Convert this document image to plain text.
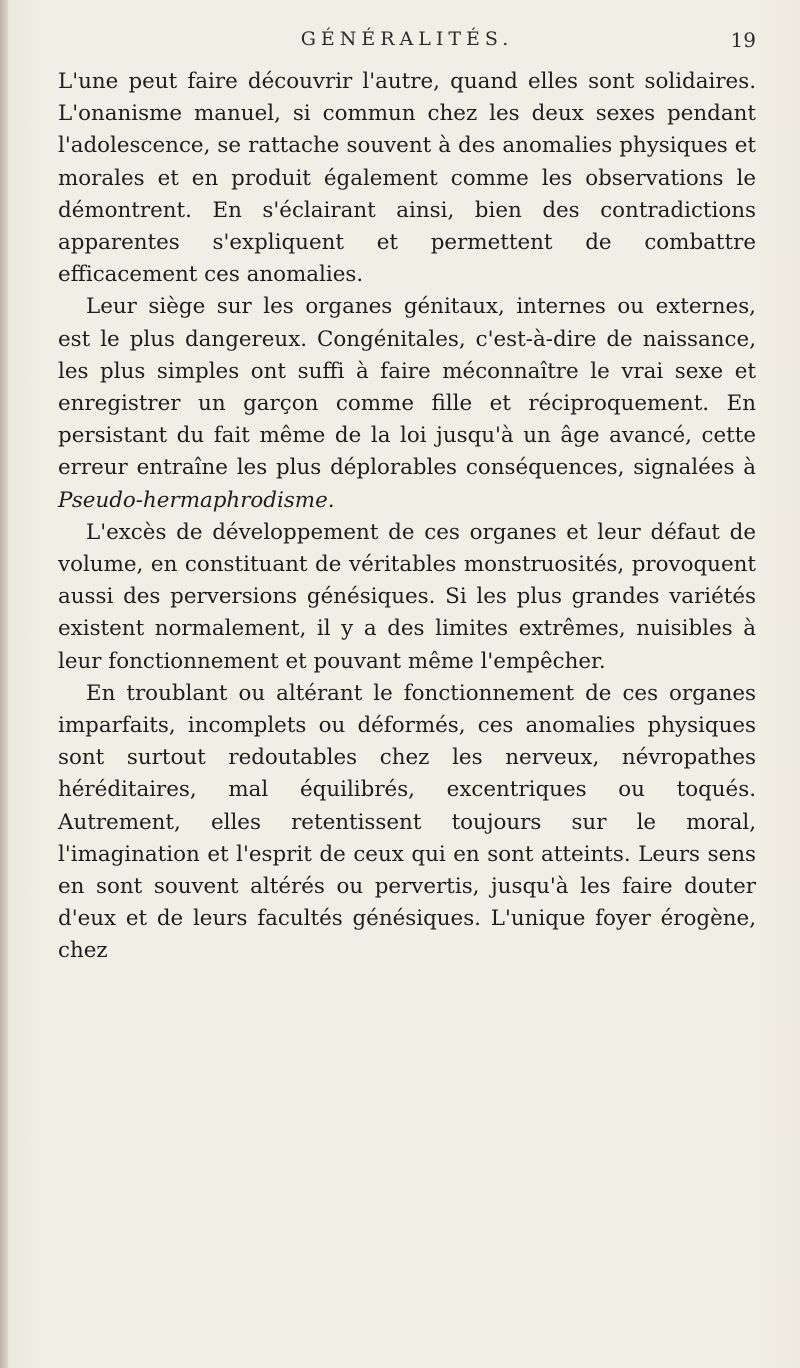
GÉNÉRALITÉS.	19

L'une peut faire découvrir l'autre, quand elles sont solidaires. L'onanisme manuel, si commun chez les deux sexes pendant l'adolescence, se rattache souvent à des anomalies physiques et morales et en produit également comme les observations le démontrent. En s'éclairant ainsi, bien des contradictions apparentes s'expliquent et permettent de combattre efficacement ces anomalies.

Leur siège sur les organes génitaux, internes ou externes, est le plus dangereux. Congénitales, c'est-à-dire de naissance, les plus simples ont suffi à faire méconnaître le vrai sexe et enregistrer un garçon comme fille et réciproquement. En persistant du fait même de la loi jusqu'à un âge avancé, cette erreur entraîne les plus déplorables conséquences, signalées à Pseudo-hermaphrodisme.

L'excès de développement de ces organes et leur défaut de volume, en constituant de véritables monstruosités, provoquent aussi des perversions génésiques. Si les plus grandes variétés existent normalement, il y a des limites extrêmes, nuisibles à leur fonctionnement et pouvant même l'empêcher.

En troublant ou altérant le fonctionnement de ces organes imparfaits, incomplets ou déformés, ces anomalies physiques sont surtout redoutables chez les nerveux, névropathes héréditaires, mal équilibrés, excentriques ou toqués. Autrement, elles retentissent toujours sur le moral, l'imagination et l'esprit de ceux qui en sont atteints. Leurs sens en sont souvent altérés ou pervertis, jusqu'à les faire douter d'eux et de leurs facultés génésiques. L'unique foyer érogène, chez
